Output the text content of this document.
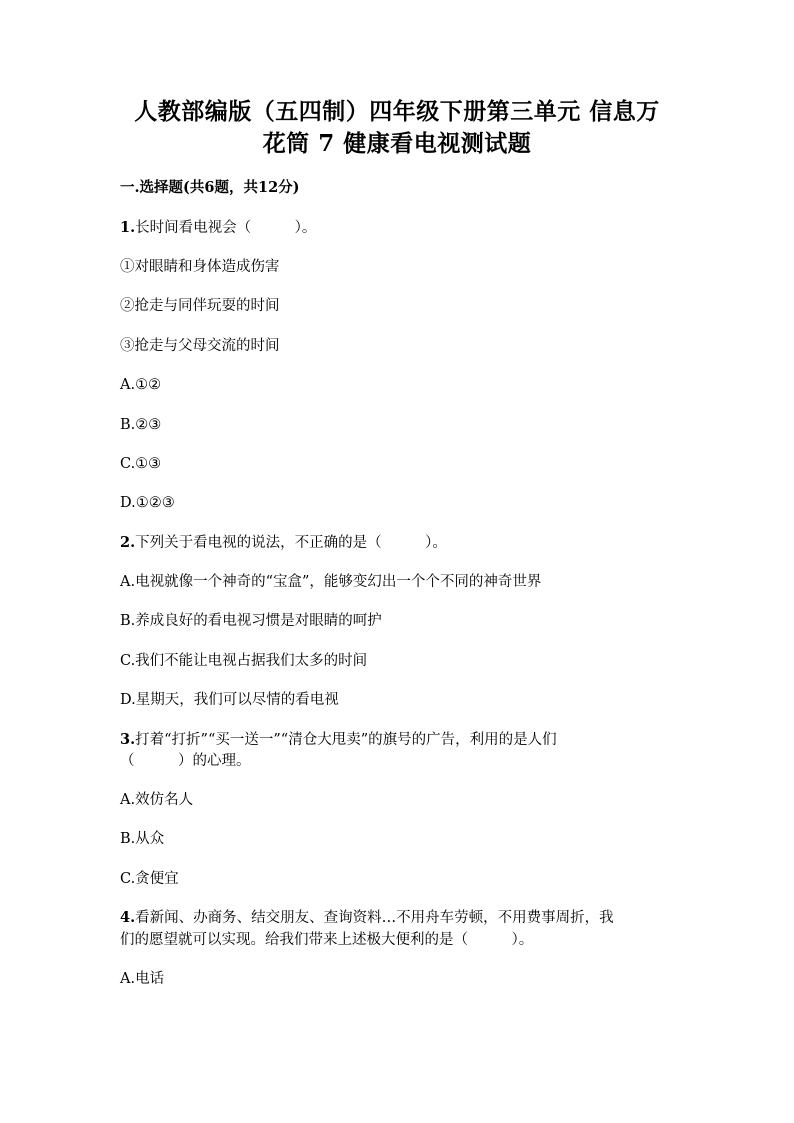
人教部编版（五四制）四年级下册第三单元 信息万
花筒 7 健康看电视测试题
一.选择题(共6题，共12分)
1.长时间看电视会（　　　）。
①对眼睛和身体造成伤害
②抢走与同伴玩耍的时间
③抢走与父母交流的时间
A.①②
B.②③
C.①③
D.①②③
2.下列关于看电视的说法，不正确的是（　　　）。
A.电视就像一个神奇的“宝盒”，能够变幻出一个个不同的神奇世界
B.养成良好的看电视习惯是对眼睛的呵护
C.我们不能让电视占据我们太多的时间
D.星期天，我们可以尽情的看电视
3.打着“打折”“买一送一”“清仓大甩卖”的旗号的广告，利用的是人们
（　　　）的心理。
A.效仿名人
B.从众
C.贪便宜
4.看新闻、办商务、结交朋友、查询资料…不用舟车劳顿，不用费事周折，我
们的愿望就可以实现。给我们带来上述极大便利的是（　　　）。
A.电话
